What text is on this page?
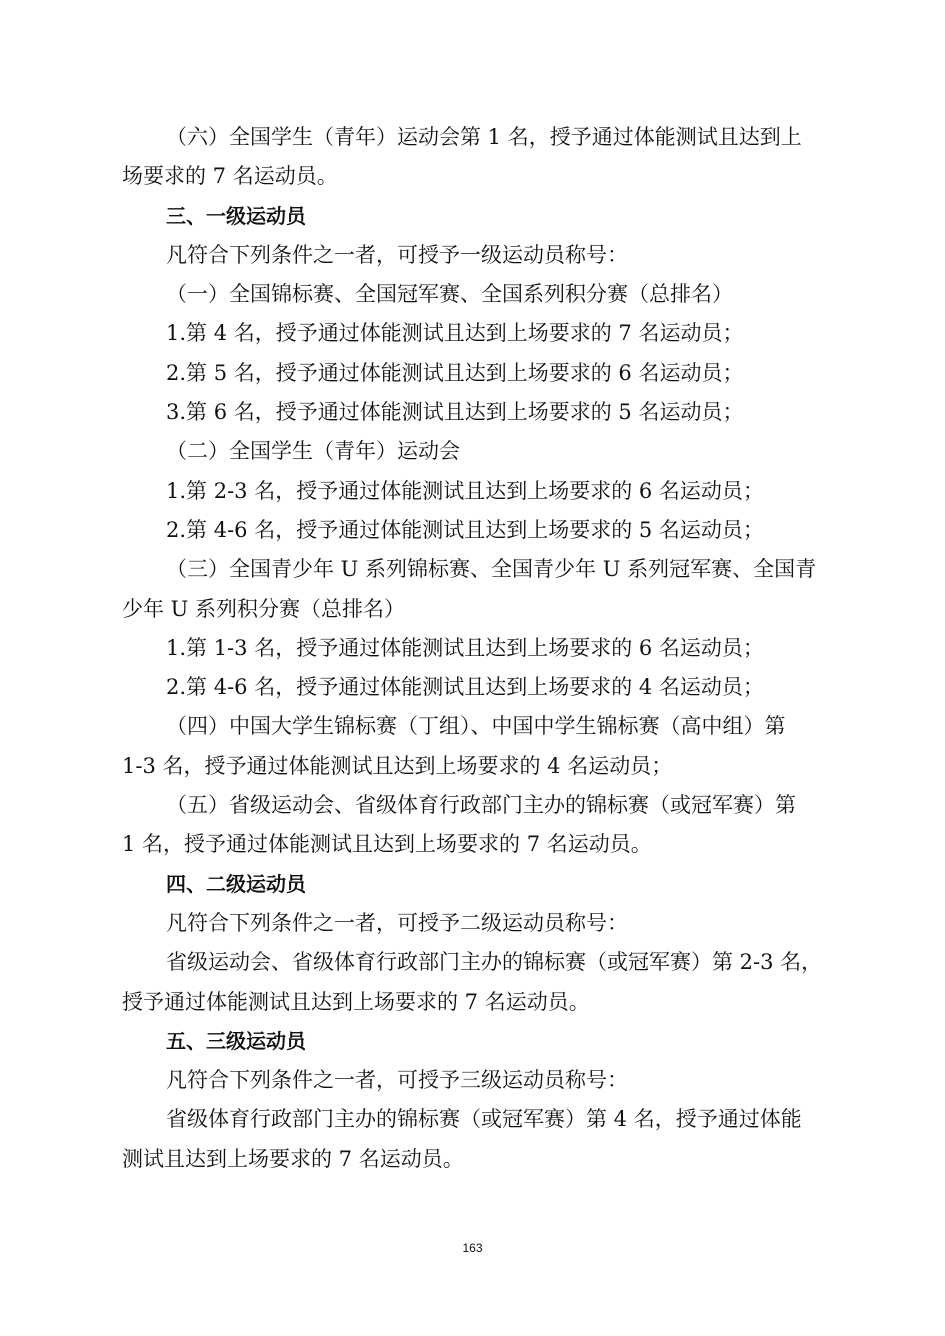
（六）全国学生（青年）运动会第 1 名，授予通过体能测试且达到上
场要求的 7 名运动员。
三、一级运动员
凡符合下列条件之一者，可授予一级运动员称号：
（一）全国锦标赛、全国冠军赛、全国系列积分赛（总排名）
1.第 4 名，授予通过体能测试且达到上场要求的 7 名运动员；
2.第 5 名，授予通过体能测试且达到上场要求的 6 名运动员；
3.第 6 名，授予通过体能测试且达到上场要求的 5 名运动员；
（二）全国学生（青年）运动会
1.第 2-3 名，授予通过体能测试且达到上场要求的 6 名运动员；
2.第 4-6 名，授予通过体能测试且达到上场要求的 5 名运动员；
（三）全国青少年 U 系列锦标赛、全国青少年 U 系列冠军赛、全国青
少年 U 系列积分赛（总排名）
1.第 1-3 名，授予通过体能测试且达到上场要求的 6 名运动员；
2.第 4-6 名，授予通过体能测试且达到上场要求的 4 名运动员；
（四）中国大学生锦标赛（丁组）、中国中学生锦标赛（高中组）第
1-3 名，授予通过体能测试且达到上场要求的 4 名运动员；
（五）省级运动会、省级体育行政部门主办的锦标赛（或冠军赛）第
1 名，授予通过体能测试且达到上场要求的 7 名运动员。
四、二级运动员
凡符合下列条件之一者，可授予二级运动员称号：
省级运动会、省级体育行政部门主办的锦标赛（或冠军赛）第 2-3 名，
授予通过体能测试且达到上场要求的 7 名运动员。
五、三级运动员
凡符合下列条件之一者，可授予三级运动员称号：
省级体育行政部门主办的锦标赛（或冠军赛）第 4 名，授予通过体能
测试且达到上场要求的 7 名运动员。
163
